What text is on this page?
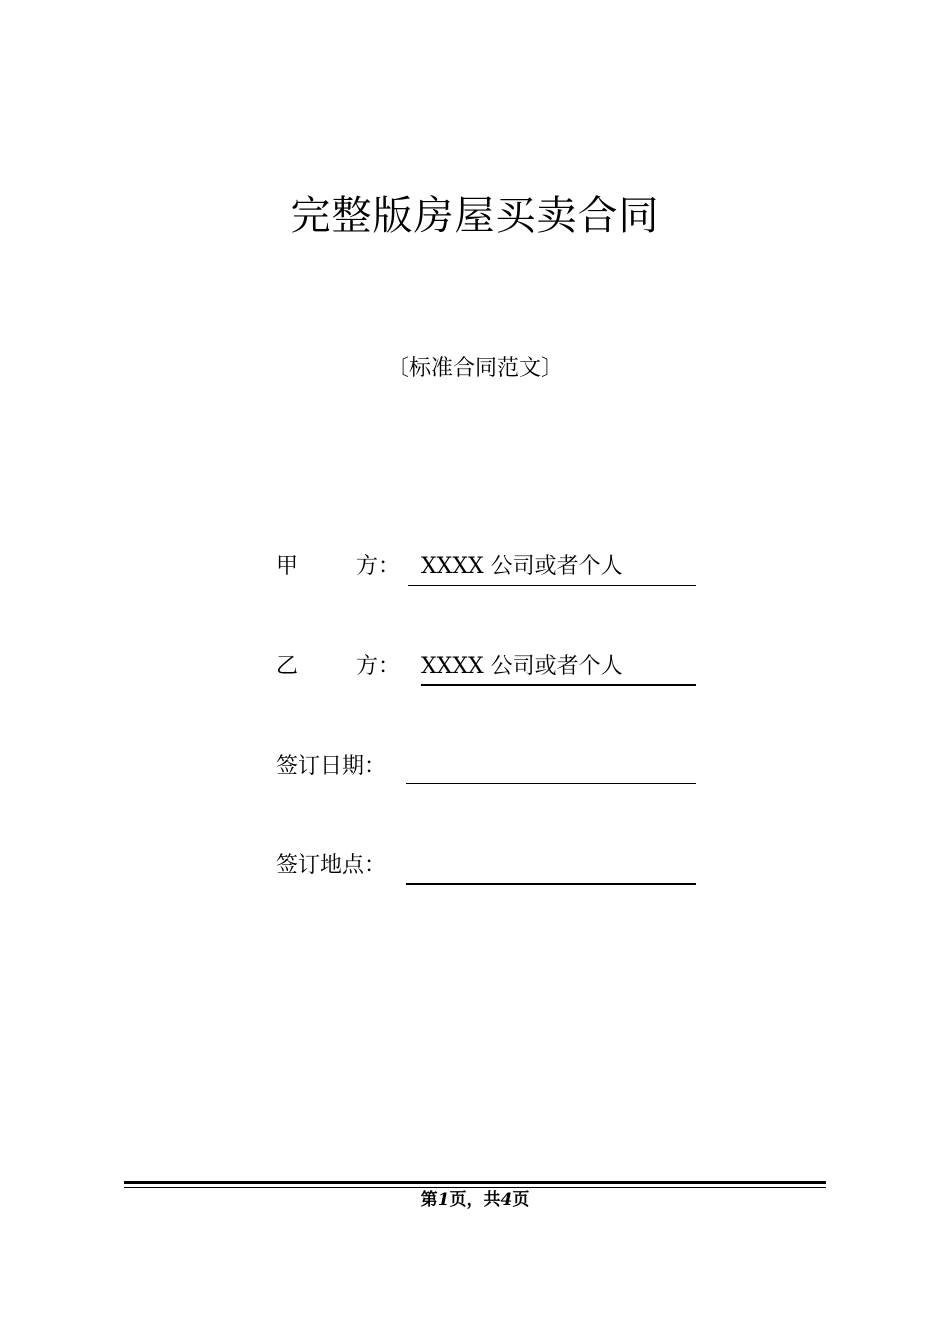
完整版房屋买卖合同
〔标准合同范文〕
甲	方： XXXX 公司或者个人
乙	方： XXXX 公司或者个人
签订日期：
签订地点：
第1页，共4页
